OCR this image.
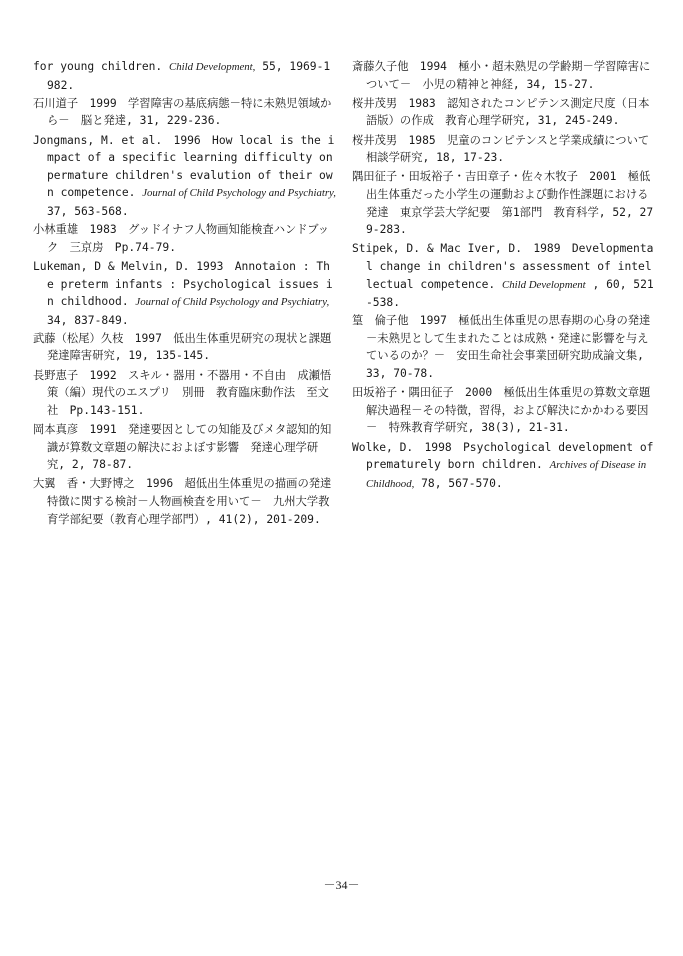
for young children. Child Development, 55, 1969-1982.

石川道子　1999　学習障害の基底病態－特に未熟児領域から－　脳と発達, 31, 229-236.

Jongmans, M. et al.　1996　How local is the impact of a specific learning difficulty on permature children's evalution of their own competence. Journal of Child Psychology and Psychiatry, 37, 563-568.

小林重雄　1983　グッドイナフ人物画知能検査ハンドブック　三京房　Pp.74-79.

Lukeman, D & Melvin, D. 1993　Annotaion : The preterm infants : Psychological issues in childhood. Journal of Child Psychology and Psychiatry, 34, 837-849.

武藤（松尾）久枝　1997　低出生体重児研究の現状と課題　発達障害研究, 19, 135-145.

長野恵子　1992　スキル・器用・不器用・不自由　成瀬悟策（編）現代のエスプリ　別冊　教育臨床動作法　至文社　Pp.143-151.

岡本真彦　1991　発達要因としての知能及びメタ認知的知識が算数文章題の解決におよぼす影響　発達心理学研究, 2, 78-87.

大翼　香・大野博之　1996　超低出生体重児の描画の発達特徴に関する検討－人物画検査を用いて－　九州大学教育学部紀要（教育心理学部門）, 41(2), 201-209.

斎藤久子他　1994　極小・超未熟児の学齢期－学習障害について－　小児の精神と神経, 34, 15-27.

桜井茂男　1983　認知されたコンピテンス測定尺度（日本語版）の作成　教育心理学研究, 31, 245-249.

桜井茂男　1985　児童のコンピテンスと学業成績について　相談学研究, 18, 17-23.

隅田征子・田坂裕子・吉田章子・佐々木牧子　2001　極低出生体重だった小学生の運動および動作性課題における発達　東京学芸大学紀要　第1部門　教育科学, 52, 279-283.

Stipek, D. & Mac Iver, D.　1989　Developmental change in children's assessment of intellectual competence. Child Development , 60, 521-538.

篁　倫子他　1997　極低出生体重児の思春期の心身の発達－未熟児として生まれたことは成熟・発達に影響を与えているのか？－　安田生命社会事業団研究助成論文集, 33, 70-78.

田坂裕子・隅田征子　2000　極低出生体重児の算数文章題解決過程－その特徴，習得，および解決にかかわる要因－　特殊教育学研究, 38(3), 21-31.

Wolke, D.　1998　Psychological development of prematurely born children. Archives of Disease in Childhood, 78, 567-570.

－34－
